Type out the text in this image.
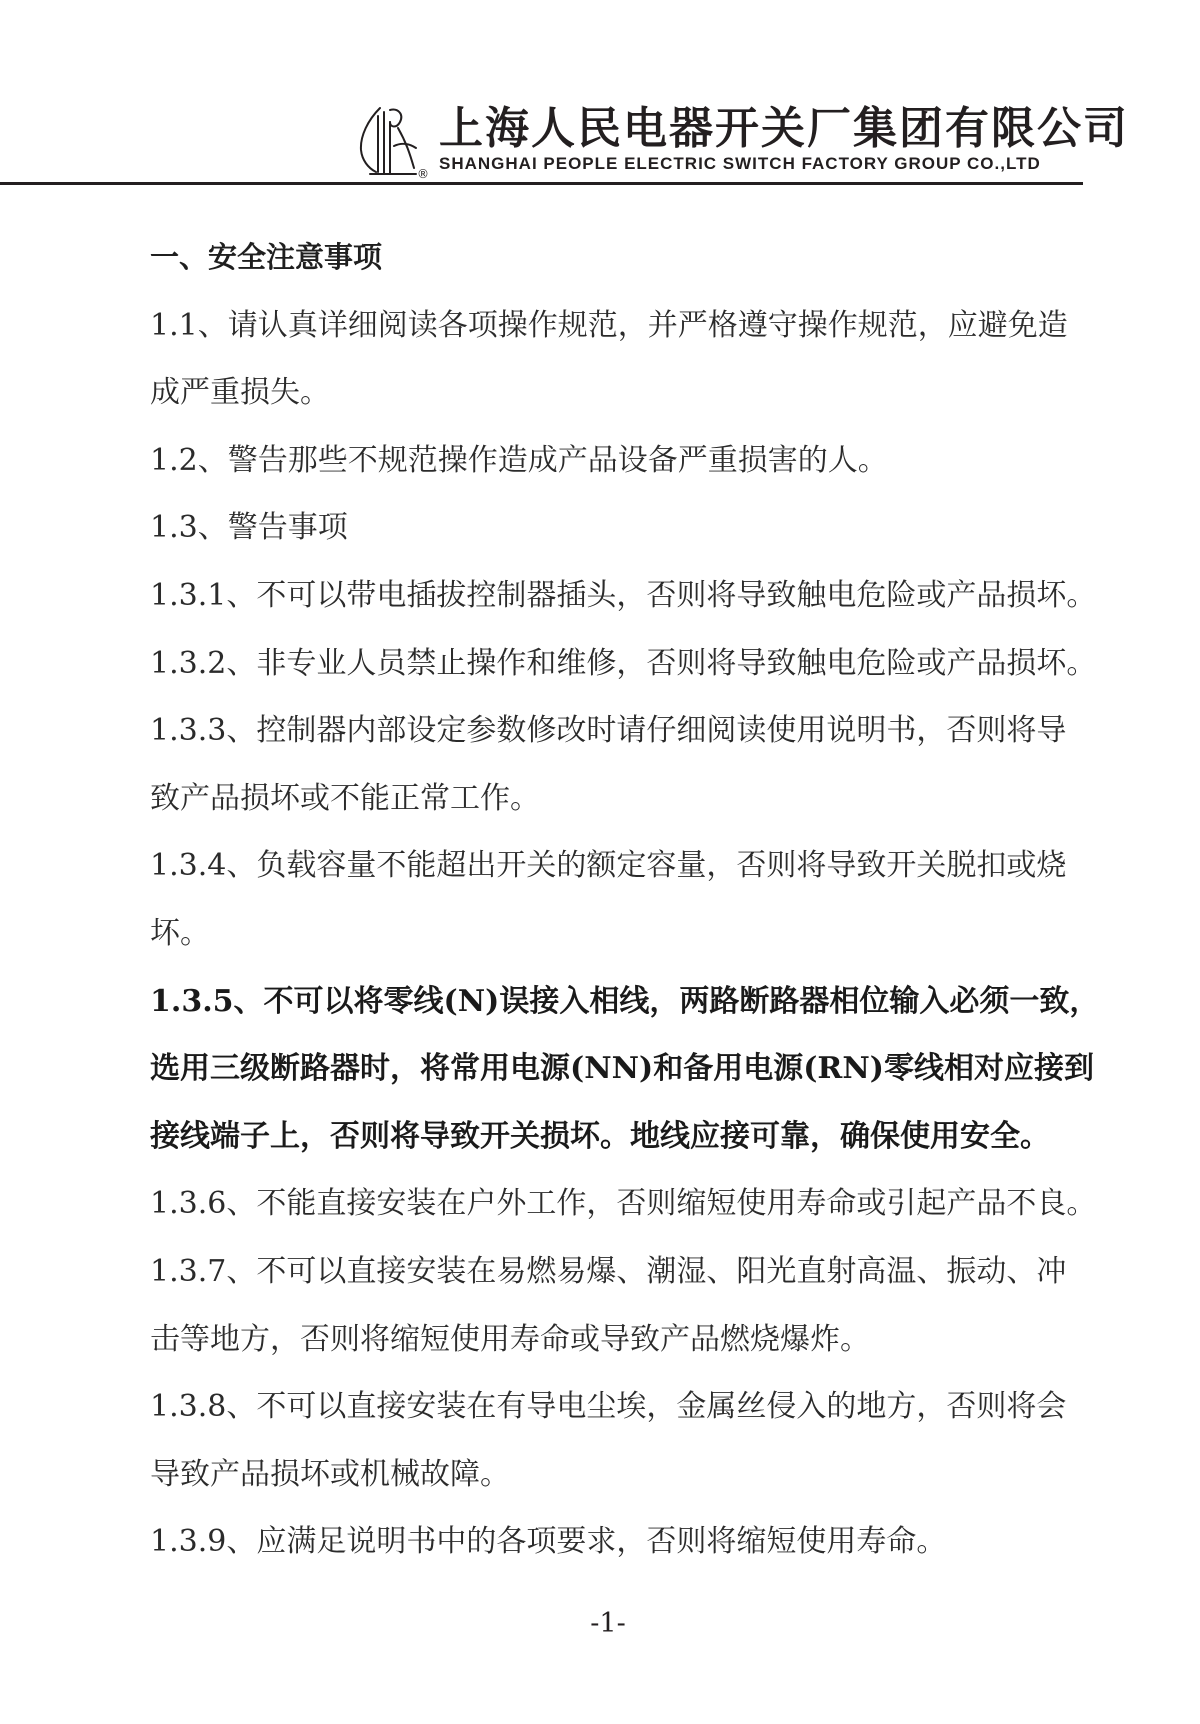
®
上海人民电器开关厂集团有限公司
SHANGHAI PEOPLE ELECTRIC SWITCH FACTORY GROUP CO.,LTD
一、安全注意事项
1.1、请认真详细阅读各项操作规范，并严格遵守操作规范，应避免造
成严重损失。
1.2、警告那些不规范操作造成产品设备严重损害的人。
1.3、警告事项
1.3.1、不可以带电插拔控制器插头，否则将导致触电危险或产品损坏。
1.3.2、非专业人员禁止操作和维修，否则将导致触电危险或产品损坏。
1.3.3、控制器内部设定参数修改时请仔细阅读使用说明书，否则将导
致产品损坏或不能正常工作。
1.3.4、负载容量不能超出开关的额定容量，否则将导致开关脱扣或烧
坏。
1.3.5、不可以将零线(N)误接入相线，两路断路器相位输入必须一致，
选用三级断路器时，将常用电源(NN)和备用电源(RN)零线相对应接到
接线端子上，否则将导致开关损坏。地线应接可靠，确保使用安全。
1.3.6、不能直接安装在户外工作，否则缩短使用寿命或引起产品不良。
1.3.7、不可以直接安装在易燃易爆、潮湿、阳光直射高温、振动、冲
击等地方，否则将缩短使用寿命或导致产品燃烧爆炸。
1.3.8、不可以直接安装在有导电尘埃，金属丝侵入的地方，否则将会
导致产品损坏或机械故障。
1.3.9、应满足说明书中的各项要求，否则将缩短使用寿命。
-1-
